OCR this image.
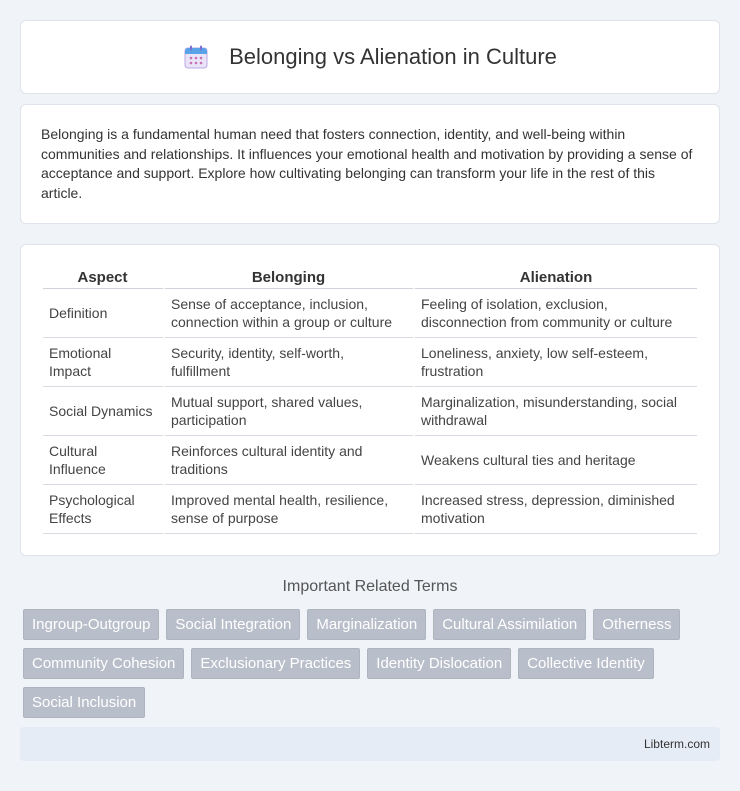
Belonging vs Alienation in Culture

Belonging is a fundamental human need that fosters connection, identity, and well-being within communities and relationships. It influences your emotional health and motivation by providing a sense of acceptance and support. Explore how cultivating belonging can transform your life in the rest of this article.

Aspect	Belonging	Alienation
Definition	Sense of acceptance, inclusion, connection within a group or culture	Feeling of isolation, exclusion, disconnection from community or culture
Emotional Impact	Security, identity, self-worth, fulfillment	Loneliness, anxiety, low self-esteem, frustration
Social Dynamics	Mutual support, shared values, participation	Marginalization, misunderstanding, social withdrawal
Cultural Influence	Reinforces cultural identity and traditions	Weakens cultural ties and heritage
Psychological Effects	Improved mental health, resilience, sense of purpose	Increased stress, depression, diminished motivation
Important Related Terms
Ingroup-Outgroup	Social Integration	Marginalization	Cultural Assimilation	Otherness
Community Cohesion	Exclusionary Practices	Identity Dislocation	Collective Identity
Social Inclusion
Libterm.com
